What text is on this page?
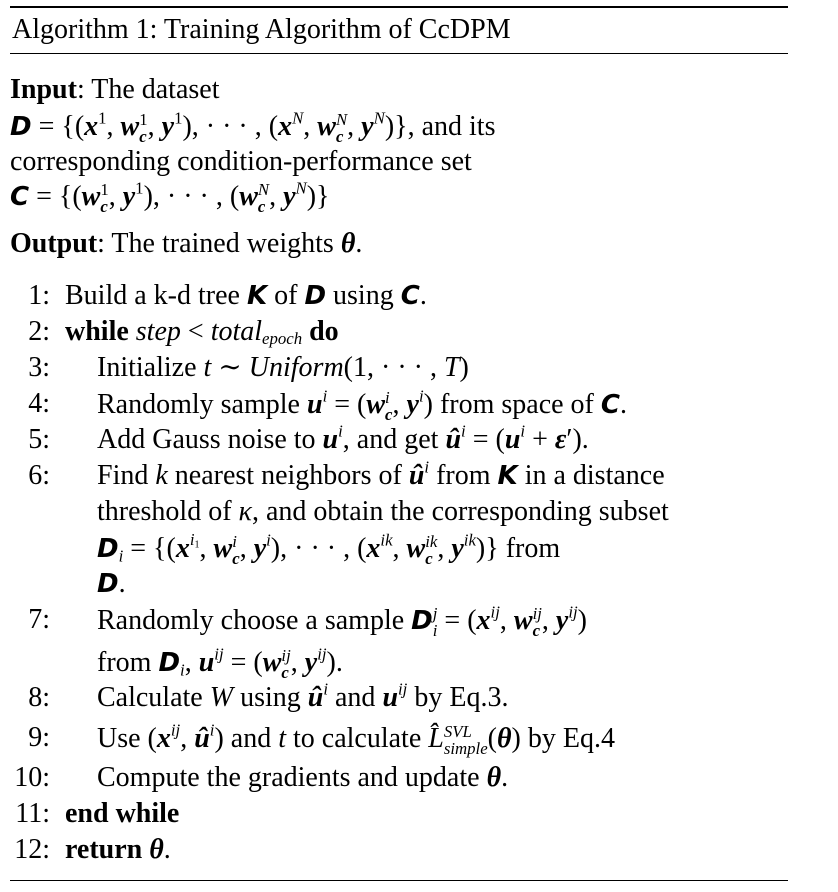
Algorithm 1: Training Algorithm of CcDPM
Input: The dataset
$D = \{(x^1$, w 1
c , $y^1$), · · · , ($x^N$, w N
c , $y^N$)}, and its
corresponding condition-performance set
C = {(w 1
c , $y^1$), · · · , (w N
c , $y^N$)}
Output: The trained weights θ.
1: Build a k-d tree K of D using C.
2: while step < total$_{epoch}$ do
3: Initialize t ∼ Uniform(1, · · · , T)
4: Randomly sample $u^i = (w$ i
c , $y^i$) from space of C.
5: Add Gauss noise to $u^i$, and get $û^i = (u^i + \varepsilon')$.
6: Find k nearest neighbors of $û^i$ from K in a distance
threshold of κ, and obtain the corresponding subset
$D_i = \{(x^{i_1}$, w i
c , $y^i$), · · · , ($x^{ik}$, w ik
c , $y^{ik}$)} from
D.
7: Randomly choose a sample D j
$i = (x^{ij}$, w ij
c , $y^{ij}$)
from $D_i$, $u^{ij} = (w$ ij
c , $y^{ij}$).
8: Calculate W using $û^i$ and $u^{ij}$ by Eq.3.
9: Use ($x^{ij}$, $û^i$) and t to calculate L̂ SVL
simple (θ) by Eq.4
10: Compute the gradients and update θ.
11: end while
12: return θ.
